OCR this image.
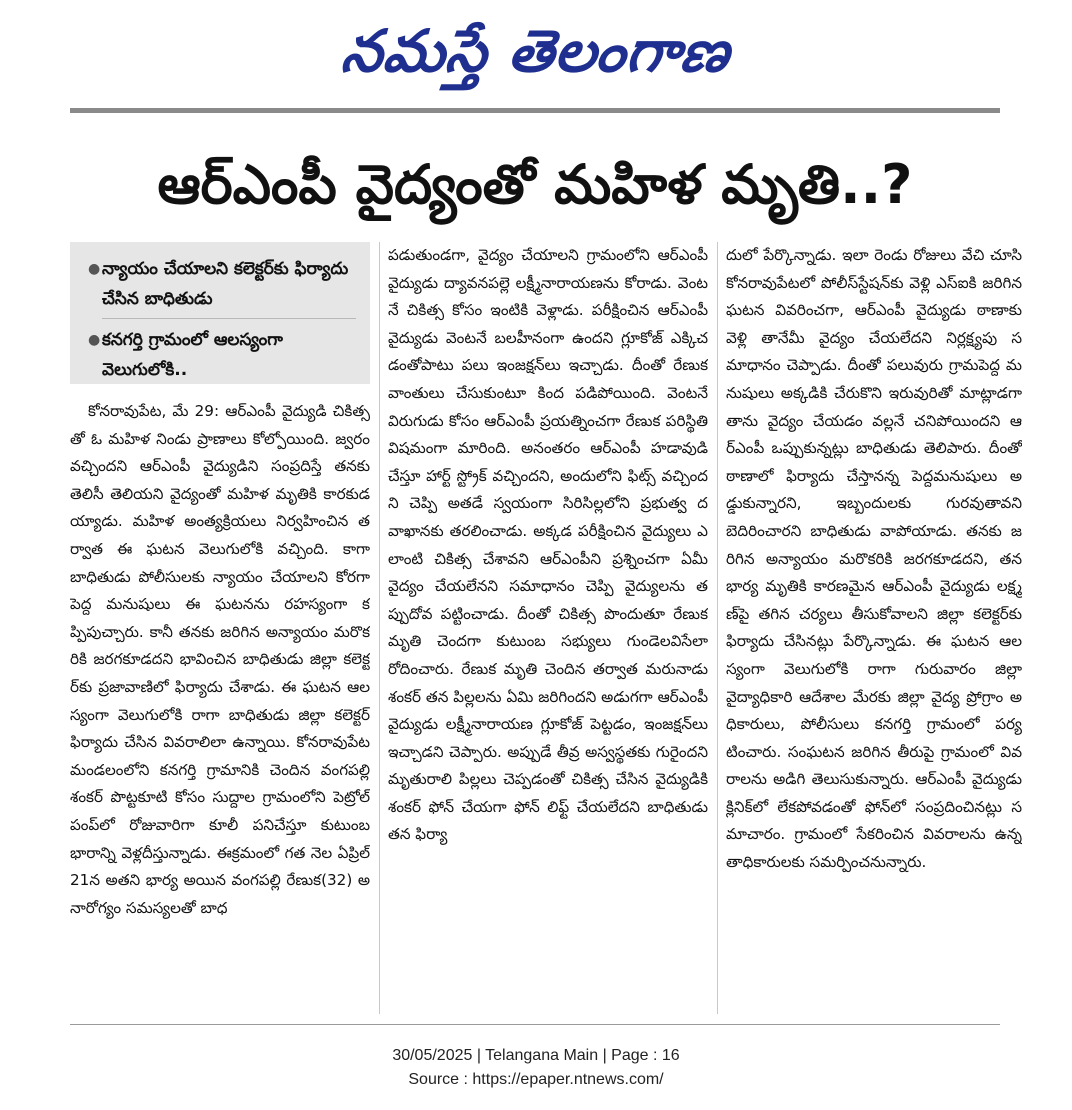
నమస్తే తెలంగాణ
ఆర్‌ఎంపీ వైద్యంతో మహిళ మృతి..?
● న్యాయం చేయాలని కలెక్టర్‌కు ఫిర్యాదు చేసిన బాధితుడు
● కనగర్తి గ్రామంలో ఆలస్యంగా వెలుగులోకి..
కోనరావుపేట, మే 29: ఆర్‌ఎంపీ వైద్యుడి చికిత్సతో ఓ మహిళ నిండు ప్రాణాలు కోల్పోయింది. జ్వరం వచ్చిందని ఆర్‌ఎంపీ వైద్యుడిని సంప్రదిస్తే తనకు తెలిసీ తెలియని వైద్యంతో మహిళ మృతికి కారకుడయ్యాడు. మహిళ అంత్యక్రియలు నిర్వహించిన తర్వాత ఈ ఘటన వెలుగులోకి వచ్చింది. కాగా బాధితుడు పోలీసులకు న్యాయం చేయాలని కోరగా పెద్ద మనుషులు ఈ ఘటనను రహస్యంగా కప్పిపుచ్చారు. కానీ తనకు జరిగిన అన్యాయం మరొకరికి జరగకూడదని భావించిన బాధితుడు జిల్లా కలెక్టర్‌కు ప్రజావాణిలో ఫిర్యాదు చేశాడు. ఈ ఘటన ఆలస్యంగా వెలుగులోకి రాగా బాధితుడు జిల్లా కలెక్టర్ ఫిర్యాదు చేసిన వివరాలిలా ఉన్నాయి. కోనరావుపేట మండలంలోని కనగర్తి గ్రామానికి చెందిన వంగపల్లి శంకర్ పొట్టకూటి కోసం సుద్దాల గ్రామంలోని పెట్రోల్ పంప్‌లో రోజువారిగా కూలీ పనిచేస్తూ కుటుంబ భారాన్ని వెళ్లదీస్తున్నాడు. ఈక్రమంలో గత నెల ఏప్రిల్ 21న అతని భార్య అయిన వంగపల్లి రేణుక(32) అనారోగ్యం సమస్యలతో బాధ
పడుతుండగా, వైద్యం చేయాలని గ్రామంలోని ఆర్‌ఎంపీ వైద్యుడు ద్యావనపల్లె లక్ష్మీనారాయణను కోరాడు. వెంటనే చికిత్స కోసం ఇంటికి వెళ్లాడు. పరీక్షించిన ఆర్‌ఎంపీ వైద్యుడు వెంటనే బలహీనంగా ఉందని గ్లూకోజ్ ఎక్కిచడంతోపాటు పలు ఇంజక్షన్‌లు ఇచ్చాడు. దీంతో రేణుక వాంతులు చేసుకుంటూ కింద పడిపోయింది. వెంటనే విరుగుడు కోసం ఆర్‌ఎంపీ ప్రయత్నించగా రేణుక పరిస్థితి విషమంగా మారింది. అనంతరం ఆర్‌ఎంపీ హడావుడి చేస్తూ హార్ట్ స్ట్రోక్ వచ్చిందని, అందులోని ఫిట్స్ వచ్చిందని చెప్పి అతడే స్వయంగా సిరిసిల్లలోని ప్రభుత్వ దవాఖానకు తరలించాడు. అక్కడ పరీక్షించిన వైద్యులు ఎలాంటి చికిత్స చేశావని ఆర్‌ఎంపీని ప్రశ్నించగా ఏమీ వైద్యం చేయలేనని సమాధానం చెప్పి వైద్యులను తప్పుదోవ పట్టించాడు. దీంతో చికిత్స పొందుతూ రేణుక మృతి చెందగా కుటుంబ సభ్యులు గుండెలవిసేలా రోదించారు. రేణుక మృతి చెందిన తర్వాత మరునాడు శంకర్ తన పిల్లలను ఏమి జరిగిందని అడుగగా ఆర్‌ఎంపీ వైద్యుడు లక్ష్మీనారాయణ గ్లూకోజ్ పెట్టడం, ఇంజక్షన్‌లు ఇచ్చాడని చెప్పారు. అప్పుడే తీవ్ర అస్వస్థతకు గురైందని మృతురాలి పిల్లలు చెప్పడంతో చికిత్స చేసిన వైద్యుడికి శంకర్ ఫోన్ చేయగా ఫోన్ లిఫ్ట్ చేయలేదని బాధితుడు తన ఫిర్యా
దులో పేర్కొన్నాడు. ఇలా రెండు రోజులు వేచి చూసి కోనరావుపేటలో పోలీస్‌స్టేషన్‌కు వెళ్లి ఎస్‌ఐకి జరిగిన ఘటన వివరించగా, ఆర్‌ఎంపీ వైద్యుడు ఠాణాకు వెళ్లి తానేమీ వైద్యం చేయలేదని నిర్లక్ష్యపు సమాధానం చెప్పాడు. దీంతో పలువురు గ్రామపెద్ద మనుషులు అక్కడికి చేరుకొని ఇరువురితో మాట్లాడగా తాను వైద్యం చేయడం వల్లనే చనిపోయిందని ఆర్‌ఎంపీ ఒప్పుకున్నట్లు బాధితుడు తెలిపారు. దీంతో ఠాణాలో ఫిర్యాదు చేస్తానన్న పెద్దమనుషులు అడ్డుకున్నారని, ఇబ్బందులకు గురవుతావని బెదిరించారని బాధితుడు వాపోయాడు. తనకు జరిగిన అన్యాయం మరొకరికి జరగకూడదని, తన భార్య మృతికి కారణమైన ఆర్‌ఎంపీ వైద్యుడు లక్ష్మణ్‌పై తగిన చర్యలు తీసుకోవాలని జిల్లా కలెక్టర్‌కు ఫిర్యాదు చేసినట్లు పేర్కొన్నాడు. ఈ ఘటన ఆలస్యంగా వెలుగులోకి రాగా గురువారం జిల్లా వైద్యాధికారి ఆదేశాల మేరకు జిల్లా వైద్య ప్రోగ్రాం అధికారులు, పోలీసులు కనగర్తి గ్రామంలో పర్యటించారు. సంఘటన జరిగిన తీరుపై గ్రామంలో వివరాలను అడిగి తెలుసుకున్నారు. ఆర్‌ఎంపీ వైద్యుడు క్లినిక్‌లో లేకపోవడంతో ఫోన్‌లో సంప్రదించినట్లు సమాచారం. గ్రామంలో సేకరించిన వివరాలను ఉన్నతాధికారులకు సమర్పించనున్నారు.
30/05/2025 | Telangana Main | Page : 16
Source : https://epaper.ntnews.com/
